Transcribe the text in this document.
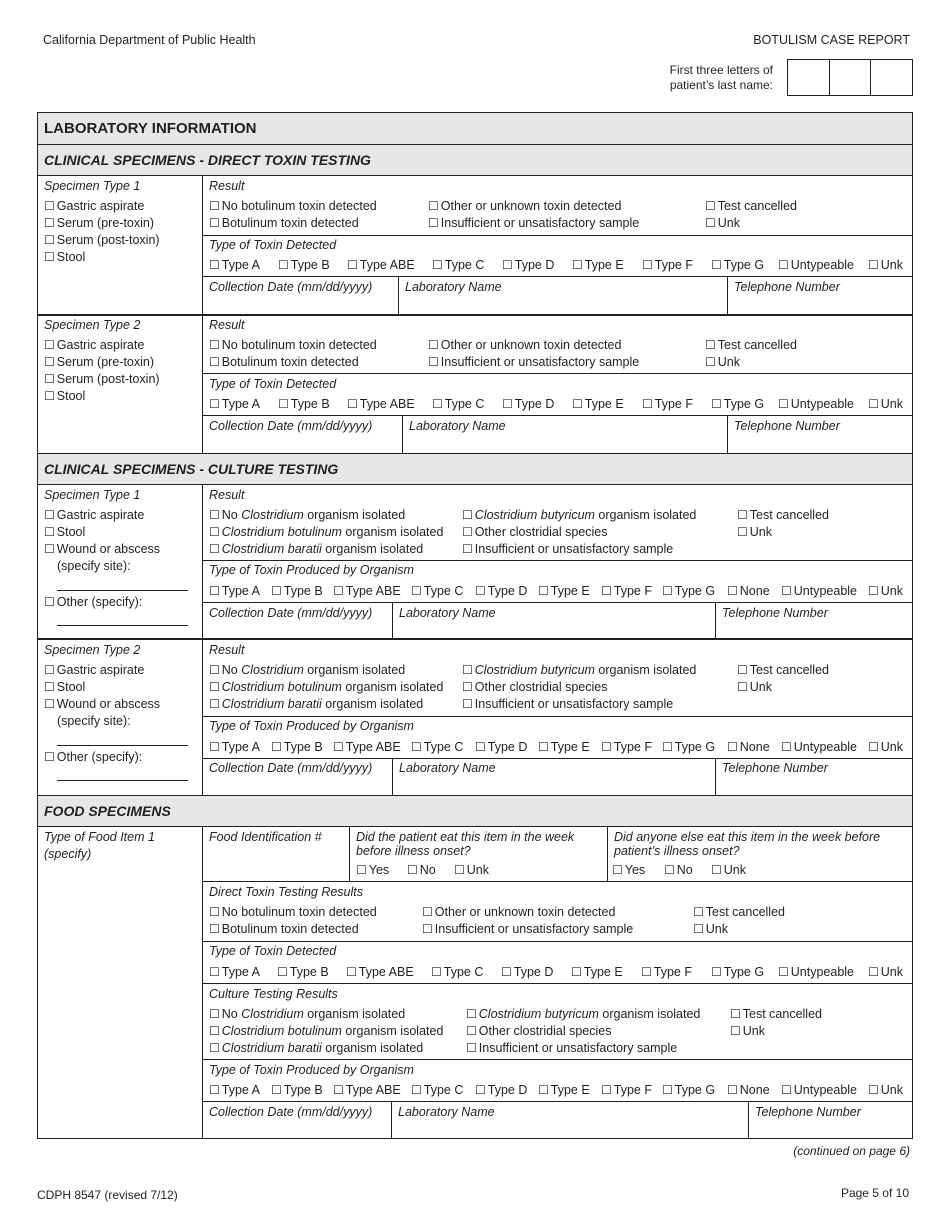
California Department of Public Health	BOTULISM CASE REPORT
First three letters of
patient’s last name:
LABORATORY INFORMATION
CLINICAL SPECIMENS - DIRECT TOXIN TESTING
Specimen Type 1
☐ Gastric aspirate
☐ Serum (pre-toxin)
☐ Serum (post-toxin)
☐ Stool
Result
☐ No botulinum toxin detected
☐ Botulinum toxin detected
☐ Other or unknown toxin detected
☐ Insufficient or unsatisfactory sample
☐ Test cancelled
☐ Unk
Type of Toxin Detected
☐ Type A	☐ Type B	☐ Type ABE	☐ Type C	☐ Type D	☐ Type E	☐ Type F	☐ Type G	☐ Untypeable	☐ Unk
Collection Date (mm/dd/yyyy)	Laboratory Name	Telephone Number
Specimen Type 2
☐ Gastric aspirate
☐ Serum (pre-toxin)
☐ Serum (post-toxin)
☐ Stool
Result
☐ No botulinum toxin detected
☐ Botulinum toxin detected
☐ Other or unknown toxin detected
☐ Insufficient or unsatisfactory sample
☐ Test cancelled
☐ Unk
Type of Toxin Detected
☐ Type A	☐ Type B	☐ Type ABE	☐ Type C	☐ Type D	☐ Type E	☐ Type F	☐ Type G	☐ Untypeable	☐ Unk
Collection Date (mm/dd/yyyy)	Laboratory Name	Telephone Number
CLINICAL SPECIMENS - CULTURE TESTING
Specimen Type 1
☐ Gastric aspirate
☐ Stool
☐ Wound or abscess
(specify site):
☐ Other (specify):
Result
☐ No Clostridium organism isolated
☐ Clostridium botulinum organism isolated
☐ Clostridium baratii organism isolated
☐ Clostridium butyricum organism isolated
☐ Other clostridial species
☐ Insufficient or unsatisfactory sample
☐ Test cancelled
☐ Unk
Type of Toxin Produced by Organism
☐ Type A	☐ Type B	☐ Type ABE	☐ Type C	☐ Type D	☐ Type E	☐ Type F	☐ Type G	☐ None	☐ Untypeable	☐ Unk
Collection Date (mm/dd/yyyy) Laboratory Name	Telephone Number
Specimen Type 2
☐ Gastric aspirate
☐ Stool
☐ Wound or abscess
(specify site):
☐ Other (specify):
Result
☐ No Clostridium organism isolated
☐ Clostridium botulinum organism isolated
☐ Clostridium baratii organism isolated
☐ Clostridium butyricum organism isolated
☐ Other clostridial species
☐ Insufficient or unsatisfactory sample
☐ Test cancelled
☐ Unk
Type of Toxin Produced by Organism
☐ Type A	☐ Type B	☐ Type ABE	☐ Type C	☐ Type D	☐ Type E	☐ Type F	☐ Type G	☐ None	☐ Untypeable	☐ Unk
Collection Date (mm/dd/yyyy) Laboratory Name	Telephone Number
FOOD SPECIMENS
Type of Food Item 1
(specify)
Food Identification #	Did the patient eat this item in the week
before illness onset?
☐ Yes	☐ No	☐ Unk
Did anyone else eat this item in the week before
patient’s illness onset?
☐ Yes	☐ No	☐ Unk
Direct Toxin Testing Results
☐ No botulinum toxin detected
☐ Botulinum toxin detected
☐ Other or unknown toxin detected
☐ Insufficient or unsatisfactory sample
☐ Test cancelled
☐ Unk
Type of Toxin Detected
☐ Type A	☐ Type B	☐ Type ABE	☐ Type C	☐ Type D	☐ Type E	☐ Type F	☐ Type G	☐ Untypeable	☐ Unk
Culture Testing Results
☐ No Clostridium organism isolated
☐ Clostridium botulinum organism isolated
☐ Clostridium baratii organism isolated
☐ Clostridium butyricum organism isolated
☐ Other clostridial species
☐ Insufficient or unsatisfactory sample
☐ Test cancelled
☐ Unk
Type of Toxin Produced by Organism
☐ Type A	☐ Type B	☐ Type ABE	☐ Type C	☐ Type D	☐ Type E	☐ Type F	☐ Type G	☐ None	☐ Untypeable	☐ Unk
Collection Date (mm/dd/yyyy) Laboratory Name	Telephone Number
(continued on page 6)
CDPH 8547 (revised 7/12)	Page 5 of 10
